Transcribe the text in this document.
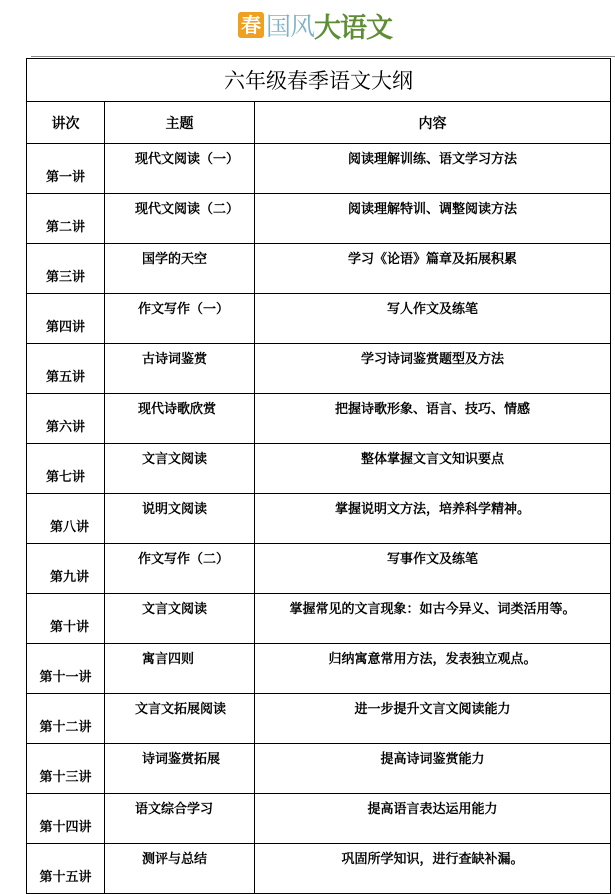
春 国风 大语文
六年级春季语文大纲		
讲次	主题	内容
第一讲	现代文阅读（一）	阅读理解训练、语文学习方法
第二讲	现代文阅读（二）	阅读理解特训、调整阅读方法
第三讲	国学的天空	学习《论语》篇章及拓展积累
第四讲	作文写作（一）	写人作文及练笔
第五讲	古诗词鉴赏	学习诗词鉴赏题型及方法
第六讲	现代诗歌欣赏	把握诗歌形象、语言、技巧、情感
第七讲	文言文阅读	整体掌握文言文知识要点
第八讲	说明文阅读	掌握说明文方法，培养科学精神。
第九讲	作文写作（二）	写事作文及练笔
第十讲	文言文阅读	掌握常见的文言现象：如古今异义、词类活用等。
第十一讲	寓言四则	归纳寓意常用方法，发表独立观点。
第十二讲	文言文拓展阅读	进一步提升文言文阅读能力
第十三讲	诗词鉴赏拓展	提高诗词鉴赏能力
第十四讲	语文综合学习	提高语言表达运用能力
第十五讲	测评与总结	巩固所学知识，进行查缺补漏。
